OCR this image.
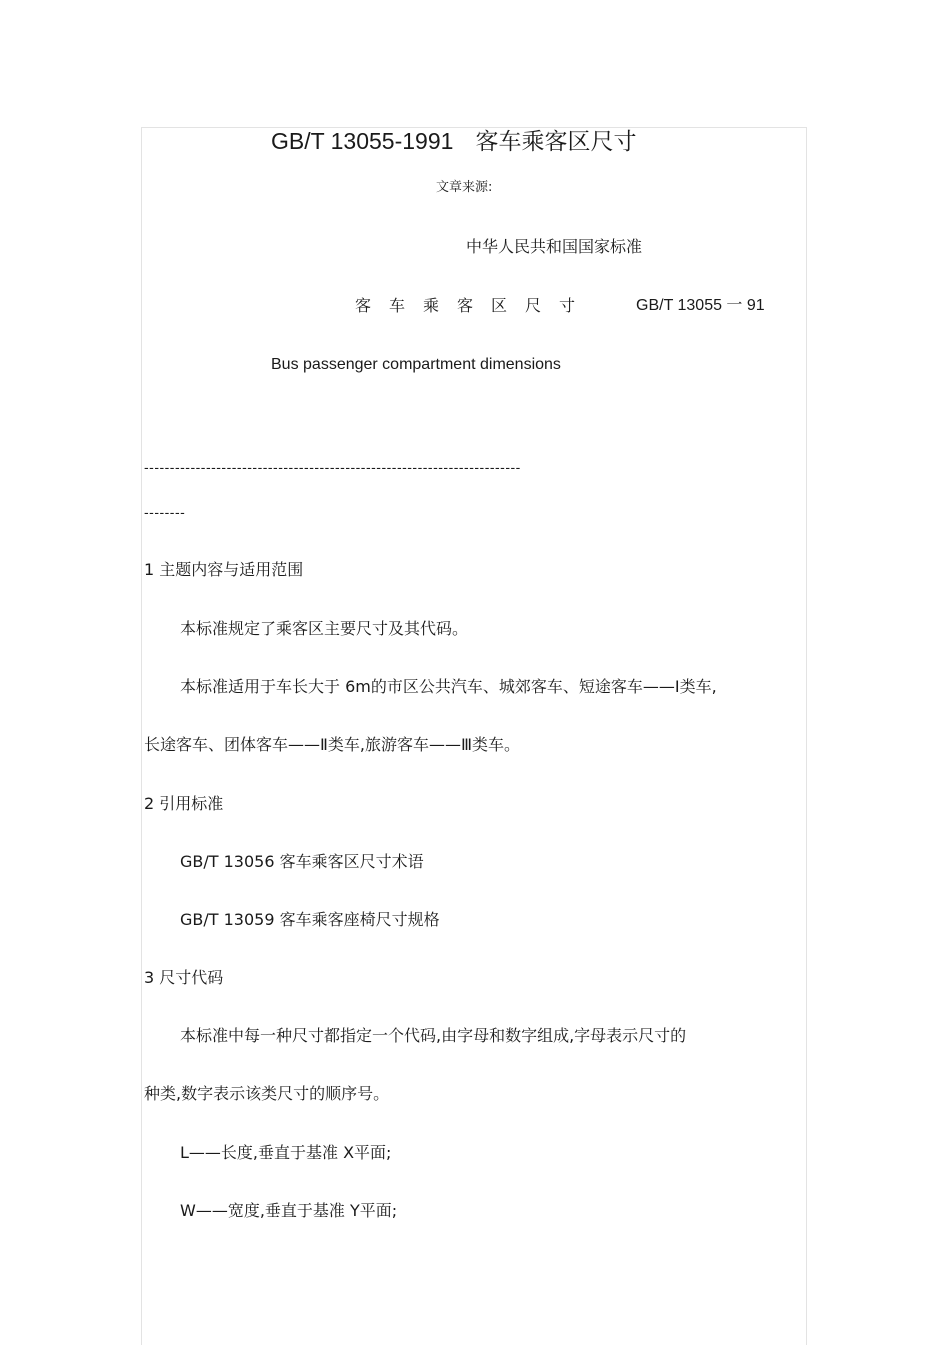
GB/T 13055-1991 客车乘客区尺寸
文章来源:
中华人民共和国国家标准
客车乘客区尺寸	GB/T 13055 一 91
Bus passenger compartment dimensions
-------------------------------------------------------------------------
--------
1 主题内容与适用范围
本标准规定了乘客区主要尺寸及其代码。
本标准适用于车长大于 6m的市区公共汽车、城郊客车、短途客车——Ⅰ类车,
长途客车、团体客车——Ⅱ类车,旅游客车——Ⅲ类车。
2 引用标准
GB/T 13056 客车乘客区尺寸术语
GB∕T 13059 客车乘客座椅尺寸规格
3 尺寸代码
本标准中每一种尺寸都指定一个代码,由字母和数字组成,字母表示尺寸的
种类,数字表示该类尺寸的顺序号。
L——长度,垂直于基准 X平面;
W——宽度,垂直于基准 Y平面;
